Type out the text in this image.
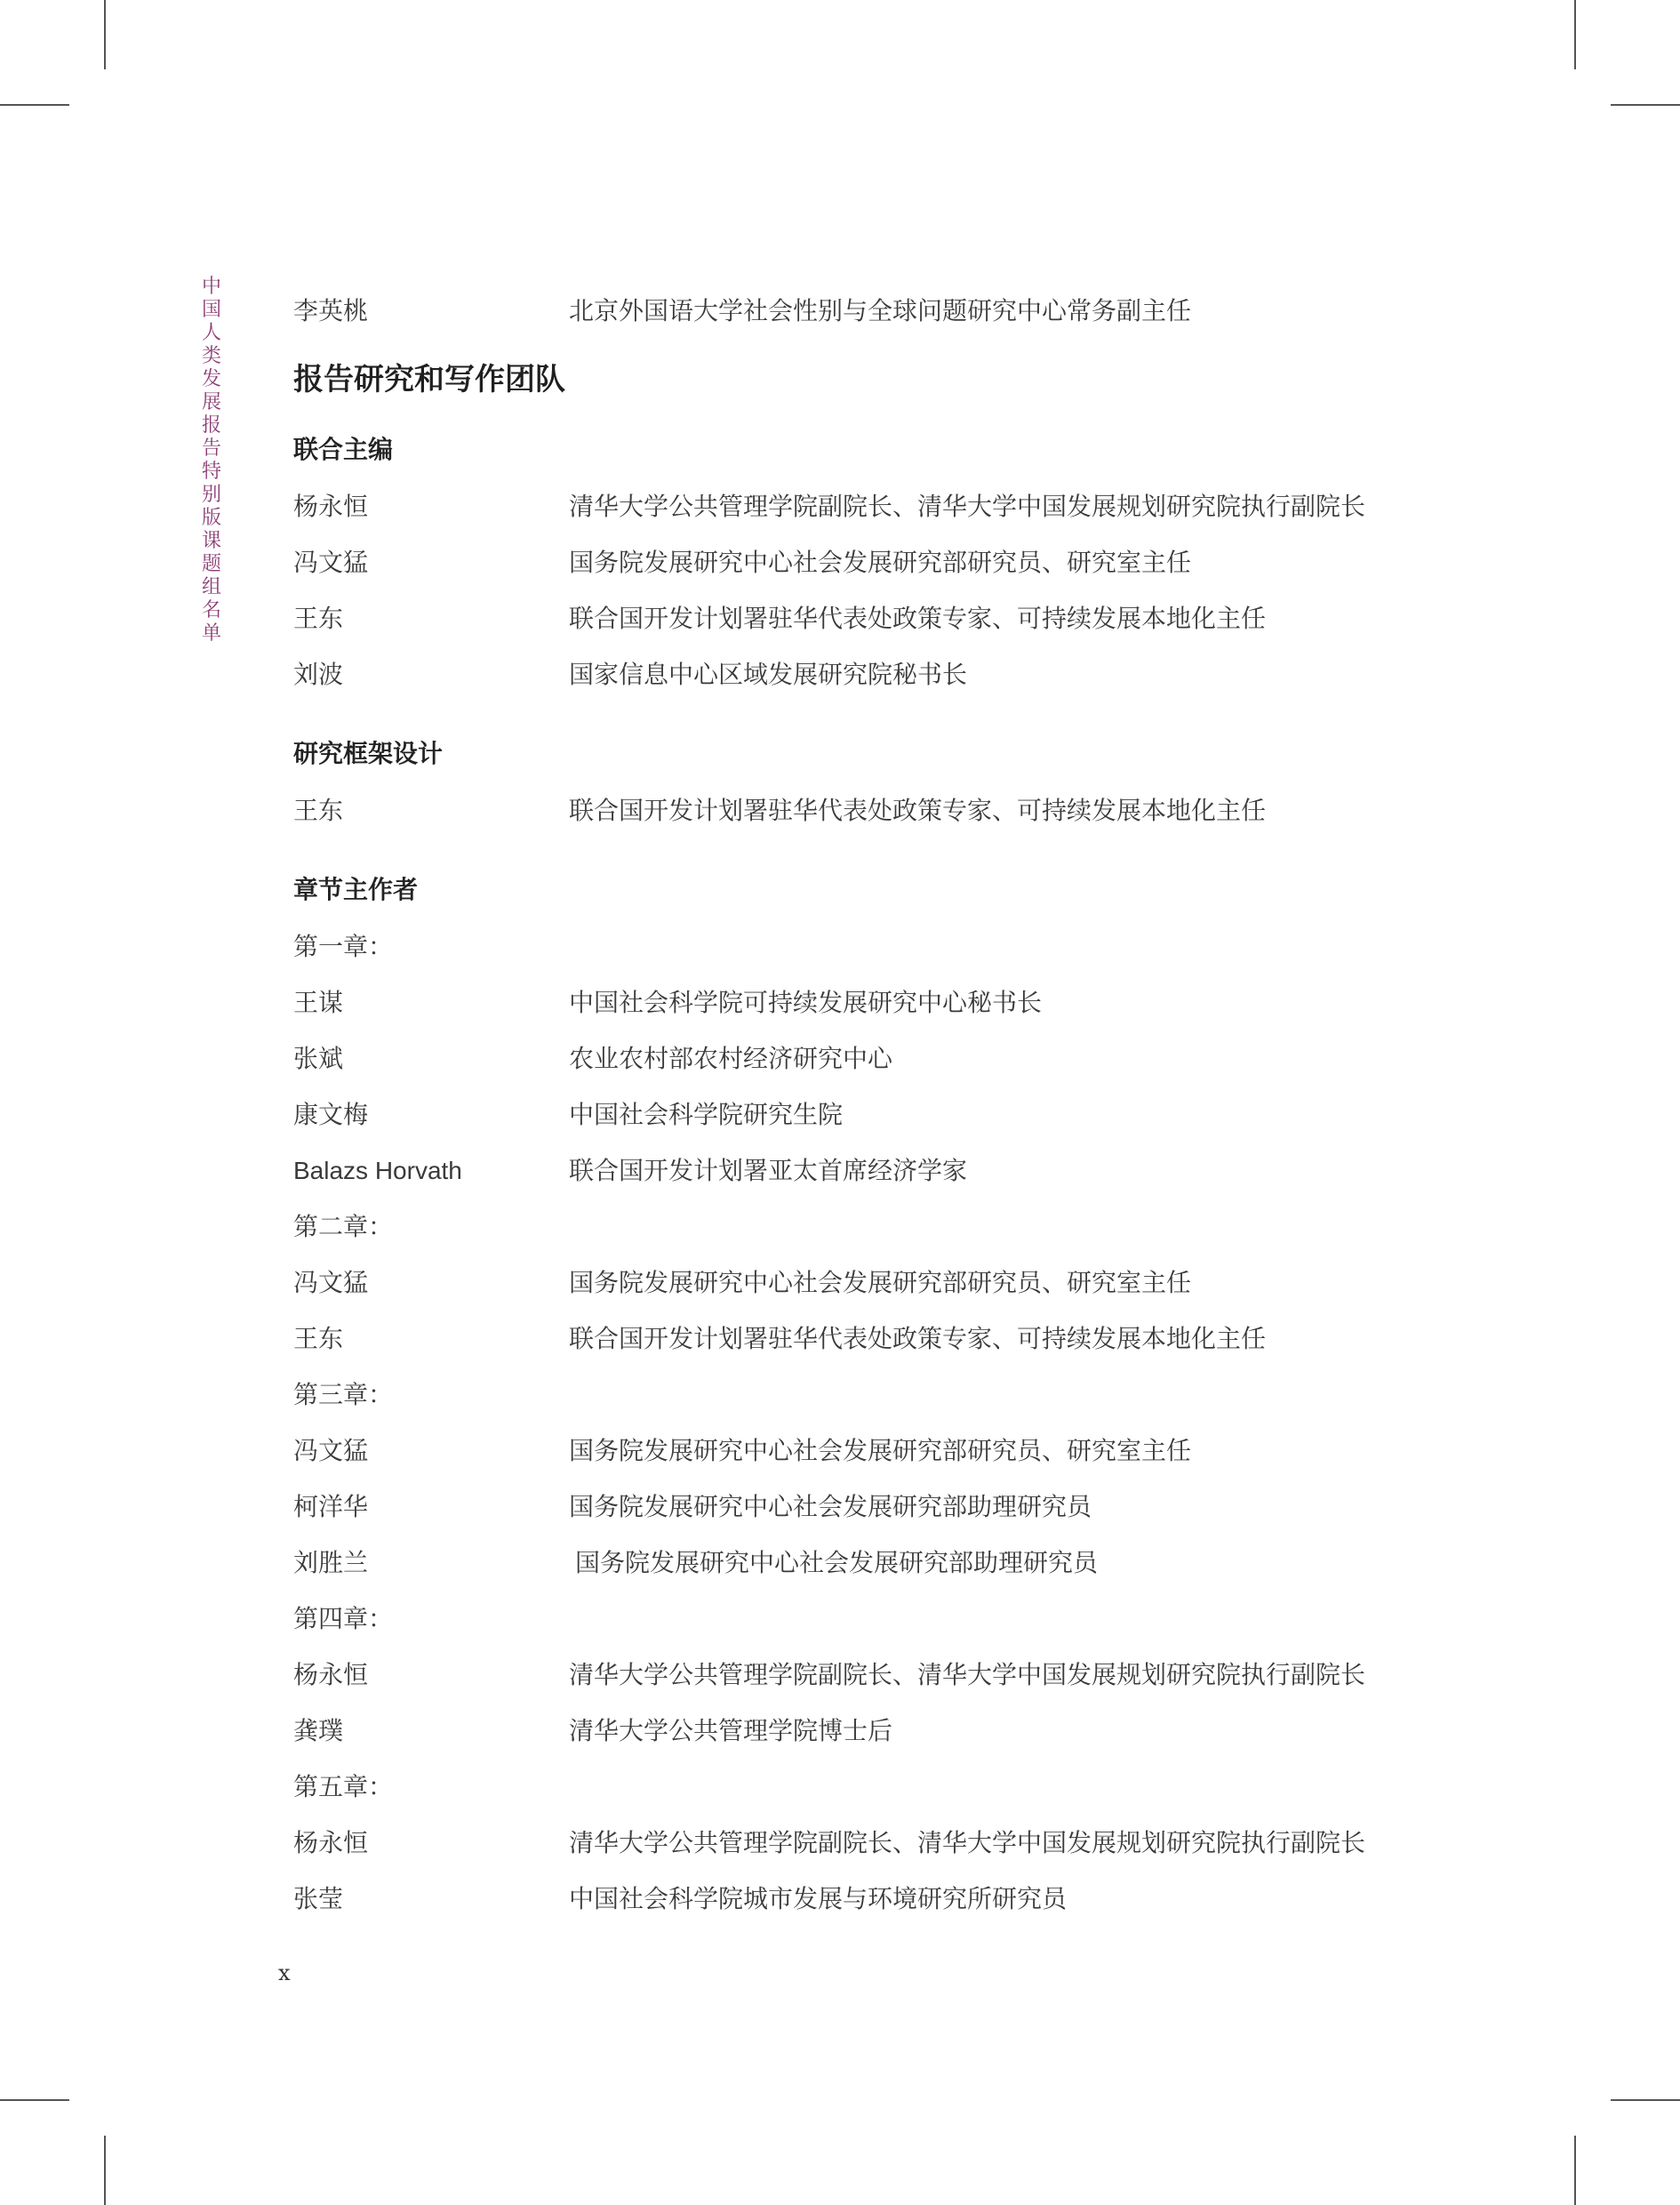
中国人类发展报告特别版课题组名单
李英桃	北京外国语大学社会性别与全球问题研究中心常务副主任
报告研究和写作团队
联合主编
杨永恒	清华大学公共管理学院副院长、清华大学中国发展规划研究院执行副院长
冯文猛	国务院发展研究中心社会发展研究部研究员、研究室主任
王东	联合国开发计划署驻华代表处政策专家、可持续发展本地化主任
刘波	国家信息中心区域发展研究院秘书长
研究框架设计
王东	联合国开发计划署驻华代表处政策专家、可持续发展本地化主任
章节主作者
第一章：
王谋	中国社会科学院可持续发展研究中心秘书长
张斌	农业农村部农村经济研究中心
康文梅	中国社会科学院研究生院
Balazs Horvath	联合国开发计划署亚太首席经济学家
第二章：
冯文猛	国务院发展研究中心社会发展研究部研究员、研究室主任
王东	联合国开发计划署驻华代表处政策专家、可持续发展本地化主任
第三章：
冯文猛	国务院发展研究中心社会发展研究部研究员、研究室主任
柯洋华	国务院发展研究中心社会发展研究部助理研究员
刘胜兰	国务院发展研究中心社会发展研究部助理研究员
第四章：
杨永恒	清华大学公共管理学院副院长、清华大学中国发展规划研究院执行副院长
龚璞	清华大学公共管理学院博士后
第五章：
杨永恒	清华大学公共管理学院副院长、清华大学中国发展规划研究院执行副院长
张莹	中国社会科学院城市发展与环境研究所研究员
x
